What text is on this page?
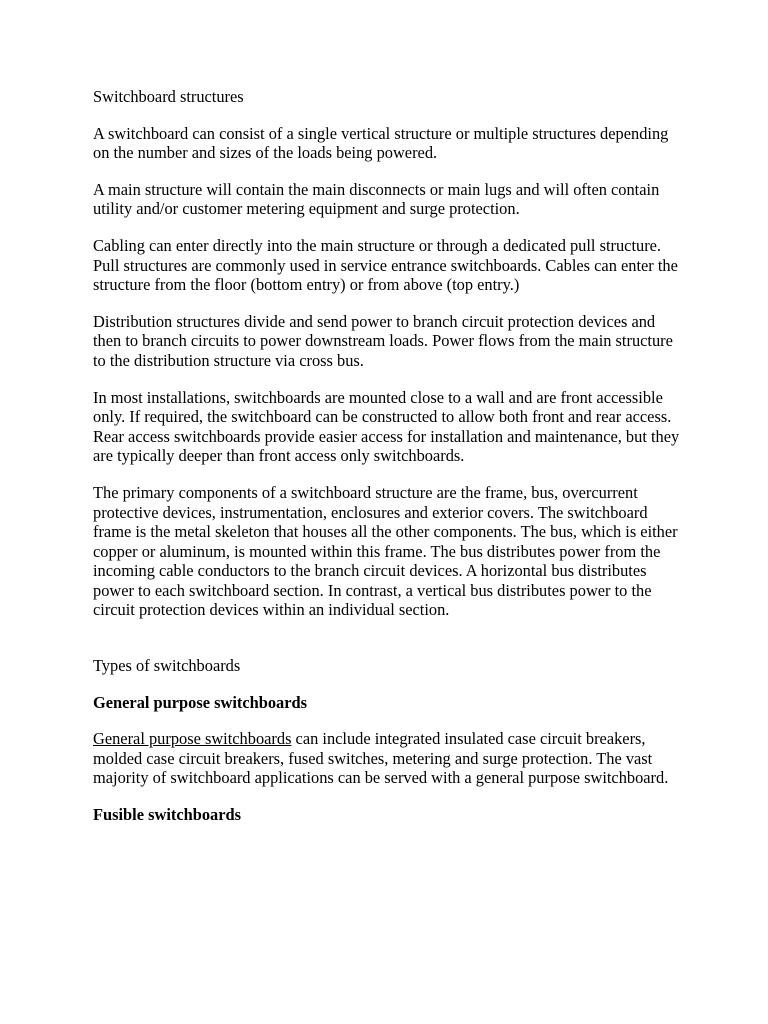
Switchboard structures

A switchboard can consist of a single vertical structure or multiple structures depending on the number and sizes of the loads being powered.

A main structure will contain the main disconnects or main lugs and will often contain utility and/or customer metering equipment and surge protection.

Cabling can enter directly into the main structure or through a dedicated pull structure. Pull structures are commonly used in service entrance switchboards. Cables can enter the structure from the floor (bottom entry) or from above (top entry.)

Distribution structures divide and send power to branch circuit protection devices and then to branch circuits to power downstream loads. Power flows from the main structure to the distribution structure via cross bus.

In most installations, switchboards are mounted close to a wall and are front accessible only. If required, the switchboard can be constructed to allow both front and rear access. Rear access switchboards provide easier access for installation and maintenance, but they are typically deeper than front access only switchboards.

The primary components of a switchboard structure are the frame, bus, overcurrent protective devices, instrumentation, enclosures and exterior covers. The switchboard frame is the metal skeleton that houses all the other components. The bus, which is either copper or aluminum, is mounted within this frame. The bus distributes power from the incoming cable conductors to the branch circuit devices. A horizontal bus distributes power to each switchboard section. In contrast, a vertical bus distributes power to the circuit protection devices within an individual section.

Types of switchboards

General purpose switchboards

General purpose switchboards can include integrated insulated case circuit breakers, molded case circuit breakers, fused switches, metering and surge protection. The vast majority of switchboard applications can be served with a general purpose switchboard.

Fusible switchboards
